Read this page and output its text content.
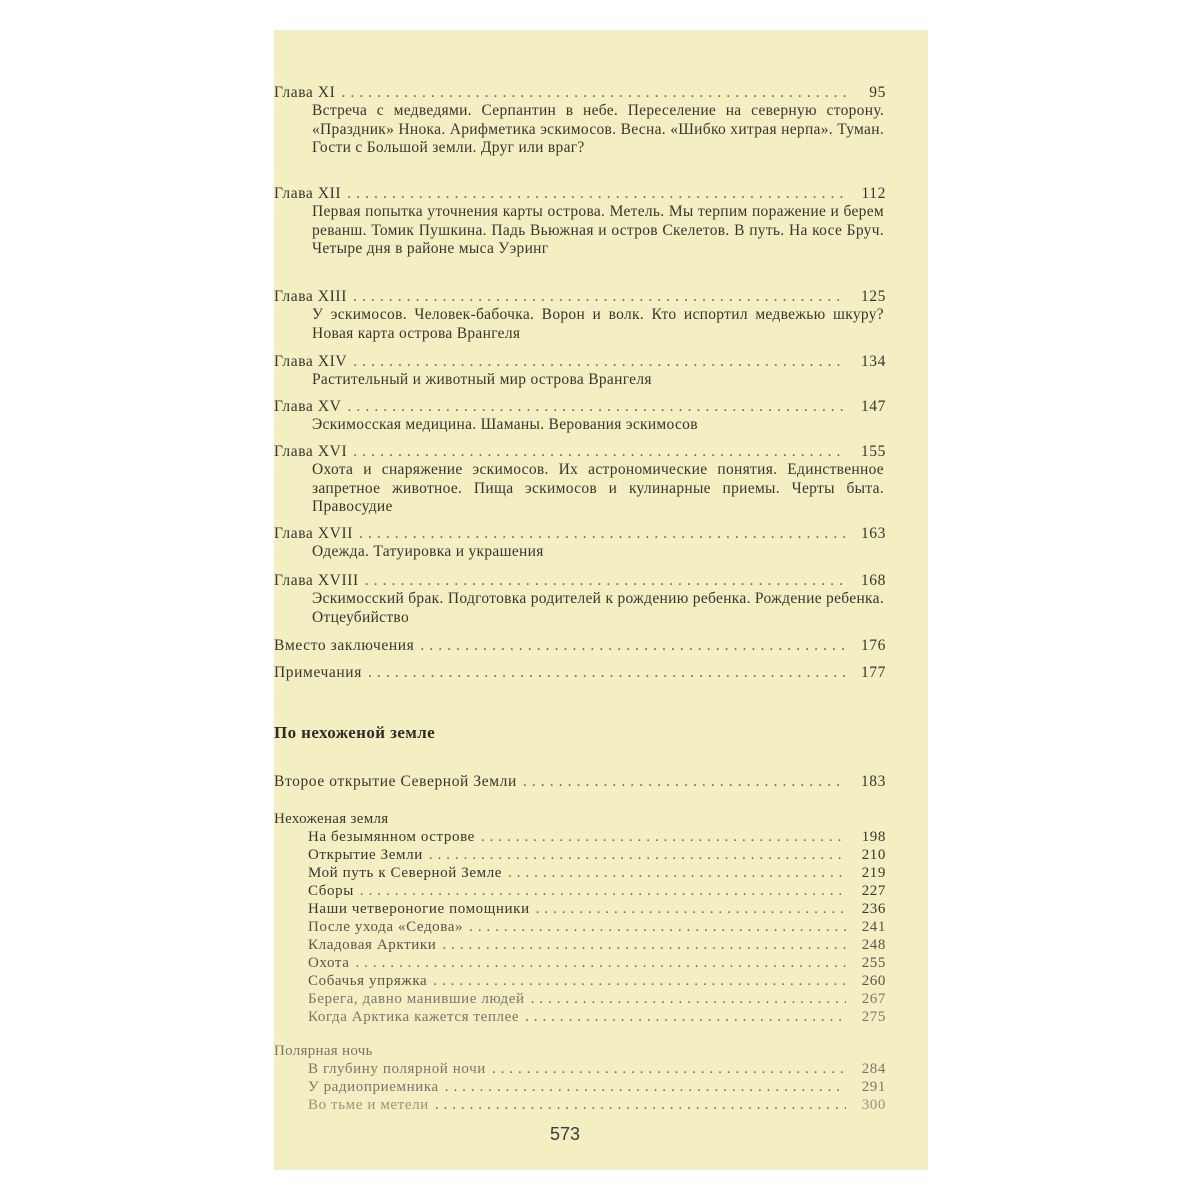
Глава XI . . .	95
Встреча с медведями. Серпантин в небе. Переселение на северную сторону. «Праздник» Ннока. Арифметика эскимосов. Весна. «Шибко хитрая нерпа». Туман. Гости с Большой земли. Друг или враг?
Глава XII . . .	112
Первая попытка уточнения карты острова. Метель. Мы терпим поражение и берем реванш. Томик Пушкина. Падь Вьюжная и остров Скелетов. В путь. На косе Бруч. Четыре дня в районе мыса Уэринг
Глава XIII . . .	125
У эскимосов. Человек-бабочка. Ворон и волк. Кто испортил медвежью шкуру? Новая карта острова Врангеля
Глава XIV . . .	134
Растительный и животный мир острова Врангеля
Глава XV . . .	147
Эскимосская медицина. Шаманы. Верования эскимосов
Глава XVI . . .	155
Охота и снаряжение эскимосов. Их астрономические понятия. Единственное запретное животное. Пища эскимосов и кулинарные приемы. Черты быта. Правосудие
Глава XVII . . .	163
Одежда. Татуировка и украшения
Глава XVIII . . .	168
Эскимосский брак. Подготовка родителей к рождению ребенка. Рождение ребенка. Отцеубийство
Вместо заключения . . .	176
Примечания . . .	177
По нехоженой земле
Второе открытие Северной Земли . . .	183
Нехоженая земля
На безымянном острове . . .	198
Открытие Земли . . .	210
Мой путь к Северной Земле . . .	219
Сборы . . .	227
Наши четвероногие помощники . . .	236
После ухода «Седова» . . .	241
Кладовая Арктики . . .	248
Охота . . .	255
Собачья упряжка . . .	260
Берега, давно манившие людей . . .	267
Когда Арктика кажется теплее . . .	275
Полярная ночь
В глубину полярной ночи . . .	284
У радиоприемника . . .	291
Во тьме и метели . . .	300
573
